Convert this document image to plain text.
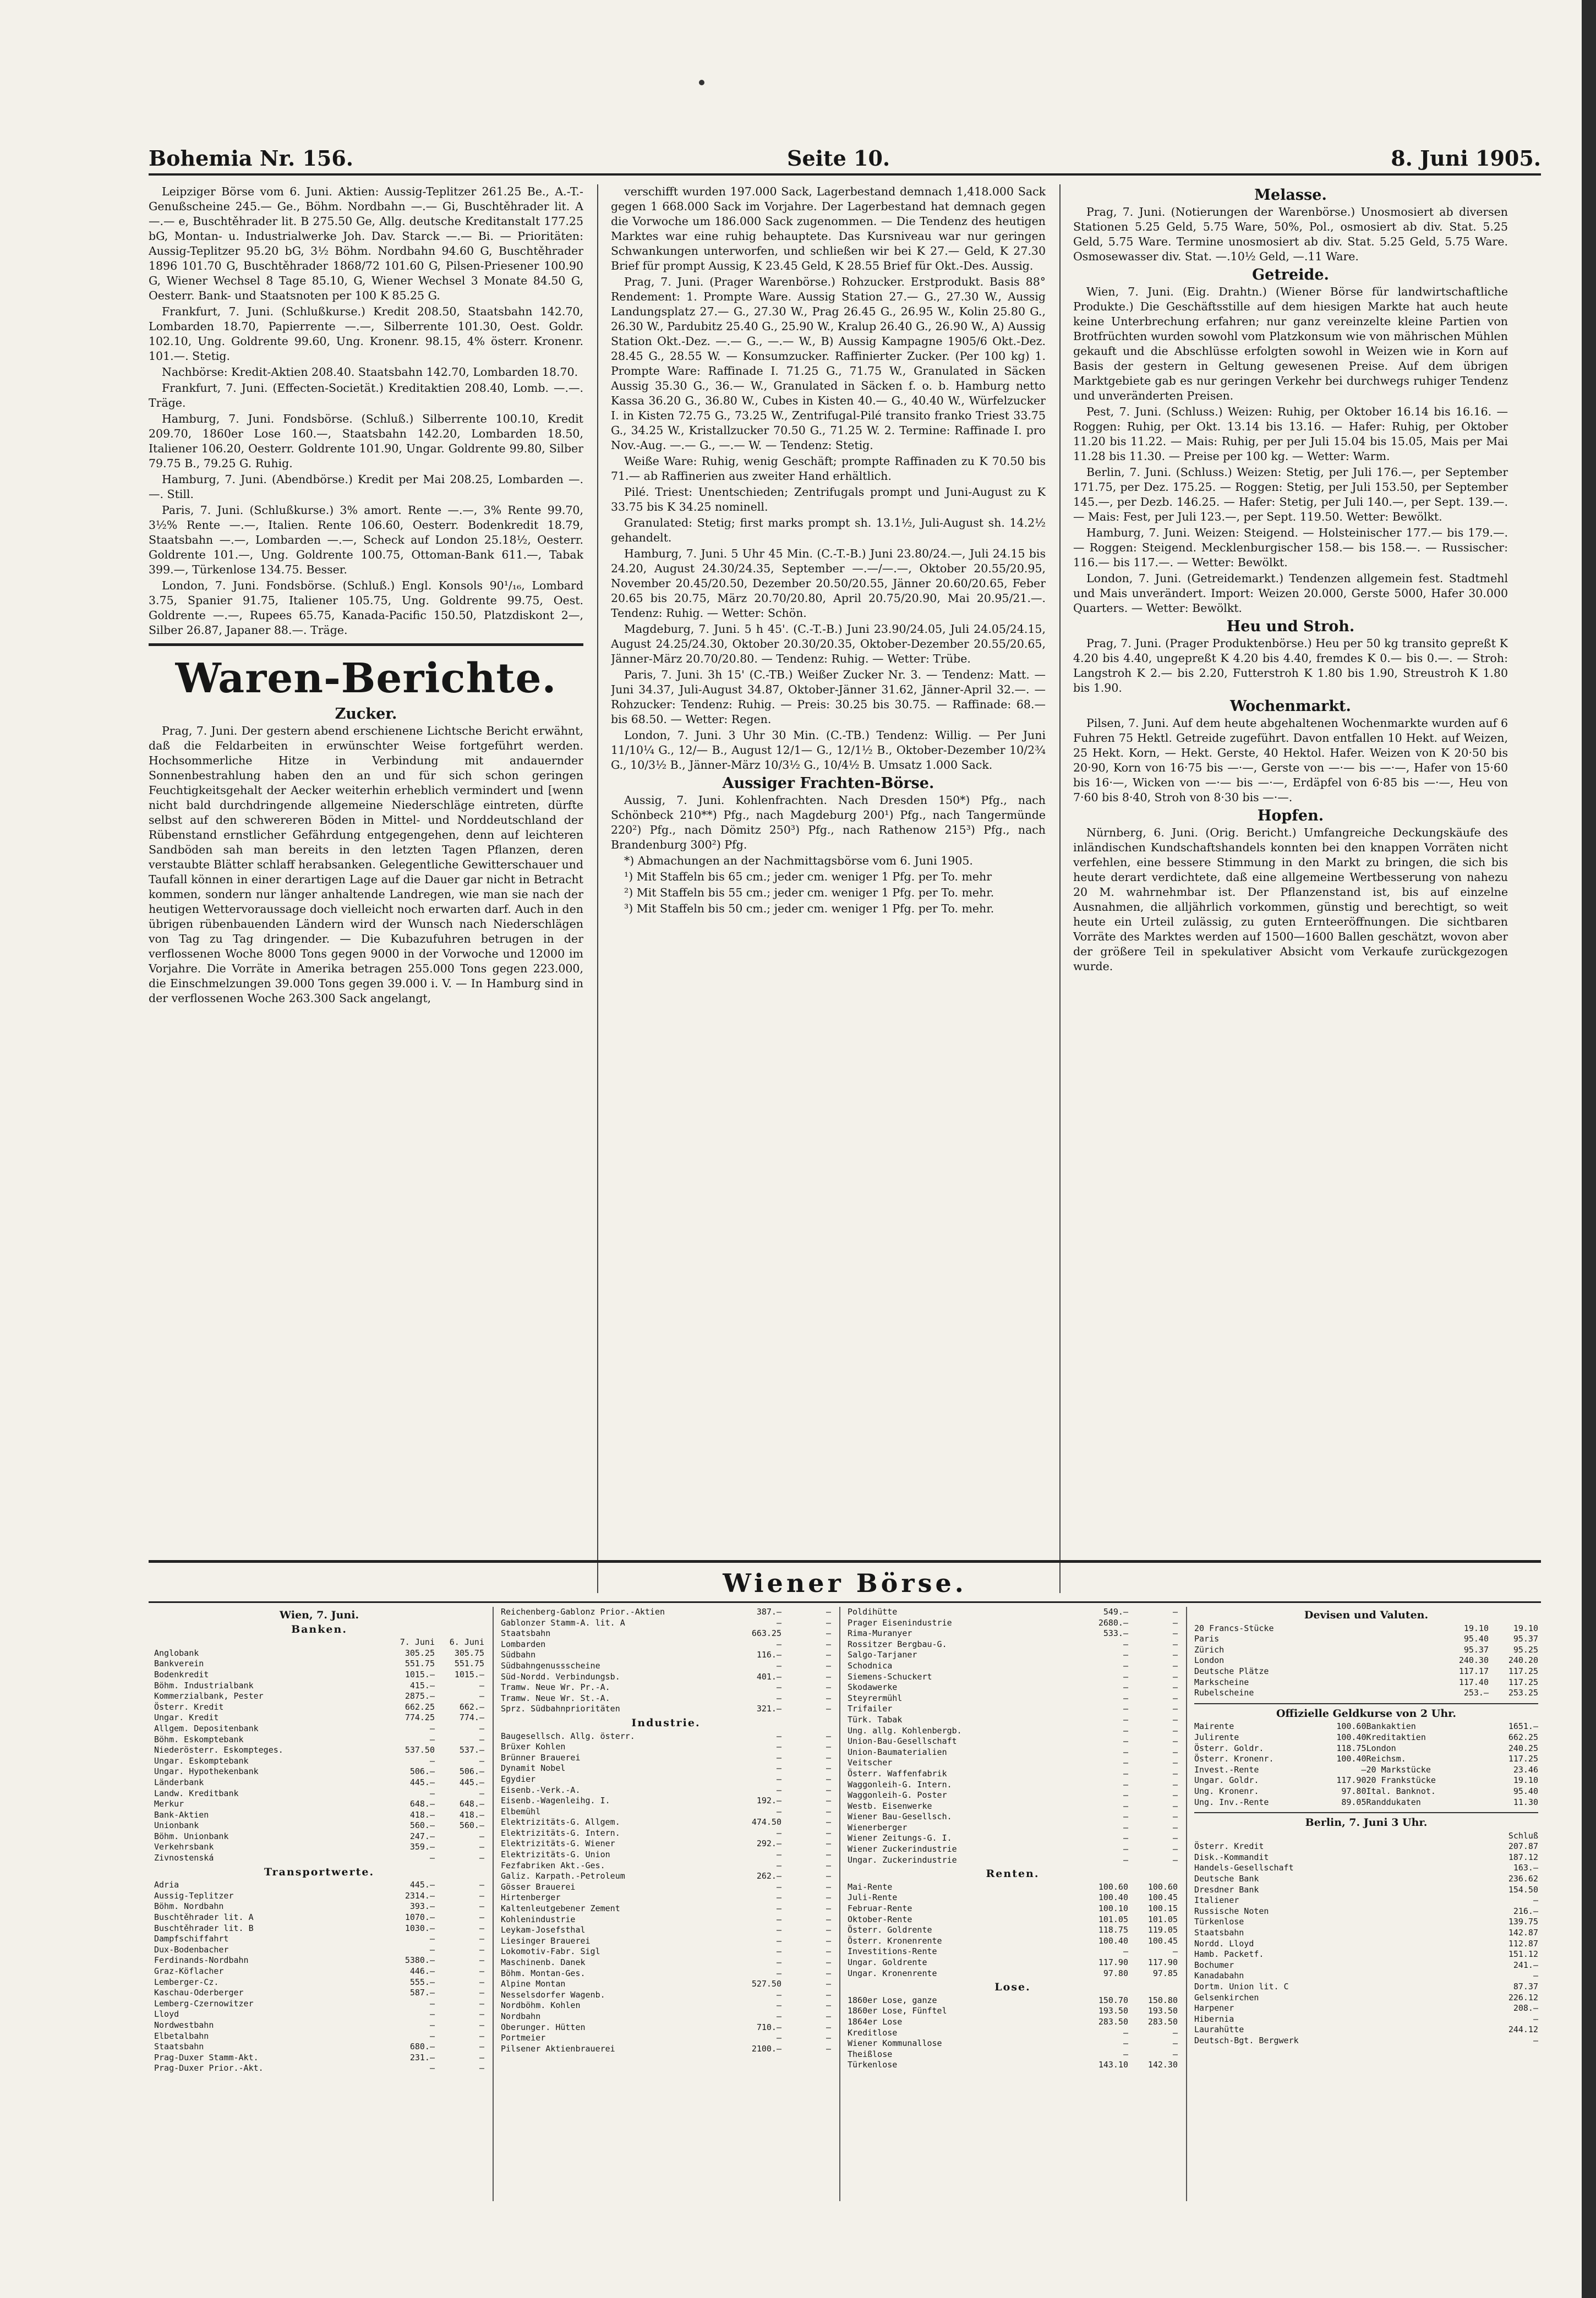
Bohemia Nr. 156.	Seite 10.	8. Juni 1905.

Leipziger Börse vom 6. Juni. Aktien: Aussig-Teplitzer 261.25 Be., A.-T.-Genußscheine 245.— Ge., Böhm. Nordbahn —.— Gi, Buschtěhrader lit. A —.— e, Buschtěhrader lit. B 275.50 Ge, Allg. deutsche Kreditanstalt 177.25 bG, Montan- u. Industrialwerke Joh. Dav. Starck —.— Bi. — Prioritäten: Aussig-Teplitzer 95.20 bG, 3½ Böhm. Nordbahn 94.60 G, Buschtěhrader 1896 101.70 G, Buschtěhrader 1868/72 101.60 G, Pilsen-Priesener 100.90 G, Wiener Wechsel 8 Tage 85.10, G, Wiener Wechsel 3 Monate 84.50 G, Oesterr. Bank- und Staatsnoten per 100 K 85.25 G.

Frankfurt, 7. Juni. (Schlußkurse.) Kredit 208.50, Staatsbahn 142.70, Lombarden 18.70, Papierrente —.—, Silberrente 101.30, Oest. Goldr. 102.10, Ung. Goldrente 99.60, Ung. Kronenr. 98.15, 4% österr. Kronenr. 101.—. Stetig.

Nachbörse: Kredit-Aktien 208.40. Staatsbahn 142.70, Lombarden 18.70.

Frankfurt, 7. Juni. (Effecten-Societät.) Kreditaktien 208.40, Lomb. —.—. Träge.

Hamburg, 7. Juni. Fondsbörse. (Schluß.) Silberrente 100.10, Kredit 209.70, 1860er Lose 160.—, Staatsbahn 142.20, Lombarden 18.50, Italiener 106.20, Oesterr. Goldrente 101.90, Ungar. Goldrente 99.80, Silber 79.75 B., 79.25 G. Ruhig.

Hamburg, 7. Juni. (Abendbörse.) Kredit per Mai 208.25, Lombarden —.—. Still.

Paris, 7. Juni. (Schlußkurse.) 3% amort. Rente —.—, 3% Rente 99.70, 3½% Rente —.—, Italien. Rente 106.60, Oesterr. Bodenkredit 18.79, Staatsbahn —.—, Lombarden —.—, Scheck auf London 25.18½, Oesterr. Goldrente 101.—, Ung. Goldrente 100.75, Ottoman-Bank 611.—, Tabak 399.—, Türkenlose 134.75. Besser.

London, 7. Juni. Fondsbörse. (Schluß.) Engl. Konsols 90¹/₁₆, Lombard 3.75, Spanier 91.75, Italiener 105.75, Ung. Goldrente 99.75, Oest. Goldrente —.—, Rupees 65.75, Kanada-Pacific 150.50, Platzdiskont 2—, Silber 26.87, Japaner 88.—. Träge.

Waren-Berichte.
Zucker.

Prag, 7. Juni. Der gestern abend erschienene Lichtsche Bericht erwähnt, daß die Feldarbeiten in erwünschter Weise fortgeführt werden. Hochsommerliche Hitze in Verbindung mit andauernder Sonnenbestrahlung haben den an und für sich schon geringen Feuchtigkeitsgehalt der Aecker weiterhin erheblich vermindert und [wenn nicht bald durchdringende allgemeine Niederschläge eintreten, dürfte selbst auf den schwereren Böden in Mittel- und Norddeutschland der Rübenstand ernstlicher Gefährdung entgegengehen, denn auf leichteren Sandböden sah man bereits in den letzten Tagen Pflanzen, deren verstaubte Blätter schlaff herabsanken. Gelegentliche Gewitterschauer und Taufall können in einer derartigen Lage auf die Dauer gar nicht in Betracht kommen, sondern nur länger anhaltende Landregen, wie man sie nach der heutigen Wettervoraussage doch vielleicht noch erwarten darf. Auch in den übrigen rübenbauenden Ländern wird der Wunsch nach Niederschlägen von Tag zu Tag dringender. — Die Kubazufuhren betrugen in der verflossenen Woche 8000 Tons gegen 9000 in der Vorwoche und 12000 im Vorjahre. Die Vorräte in Amerika betragen 255.000 Tons gegen 223.000, die Einschmelzungen 39.000 Tons gegen 39.000 i. V. — In Hamburg sind in der verflossenen Woche 263.300 Sack angelangt,

verschifft wurden 197.000 Sack, Lagerbestand demnach 1,418.000 Sack gegen 1 668.000 Sack im Vorjahre. Der Lagerbestand hat demnach gegen die Vorwoche um 186.000 Sack zugenommen. — Die Tendenz des heutigen Marktes war eine ruhig behauptete. Das Kursniveau war nur geringen Schwankungen unterworfen, und schließen wir bei K 27.— Geld, K 27.30 Brief für prompt Aussig, K 23.45 Geld, K 28.55 Brief für Okt.-Des. Aussig.

Prag, 7. Juni. (Prager Warenbörse.) Rohzucker. Erstprodukt. Basis 88° Rendement: 1. Prompte Ware. Aussig Station 27.— G., 27.30 W., Aussig Landungsplatz 27.— G., 27.30 W., Prag 26.45 G., 26.95 W., Kolin 25.80 G., 26.30 W., Pardubitz 25.40 G., 25.90 W., Kralup 26.40 G., 26.90 W., A) Aussig Station Okt.-Dez. —.— G., —.— W., B) Aussig Kampagne 1905/6 Okt.-Dez. 28.45 G., 28.55 W. — Konsumzucker. Raffinierter Zucker. (Per 100 kg) 1. Prompte Ware: Raffinade I. 71.25 G., 71.75 W., Granulated in Säcken Aussig 35.30 G., 36.— W., Granulated in Säcken f. o. b. Hamburg netto Kassa 36.20 G., 36.80 W., Cubes in Kisten 40.— G., 40.40 W., Würfelzucker I. in Kisten 72.75 G., 73.25 W., Zentrifugal-Pilé transito franko Triest 33.75 G., 34.25 W., Kristallzucker 70.50 G., 71.25 W. 2. Termine: Raffinade I. pro Nov.-Aug. —.— G., —.— W. — Tendenz: Stetig.

Weiße Ware: Ruhig, wenig Geschäft; prompte Raffinaden zu K 70.50 bis 71.— ab Raffinerien aus zweiter Hand erhältlich.

Pilé. Triest: Unentschieden; Zentrifugals prompt und Juni-August zu K 33.75 bis K 34.25 nominell.

Granulated: Stetig; first marks prompt sh. 13.1½, Juli-August sh. 14.2½ gehandelt.

Hamburg, 7. Juni. 5 Uhr 45 Min. (C.-T.-B.) Juni 23.80/24.—, Juli 24.15 bis 24.20, August 24.30/24.35, September —.—/—.—, Oktober 20.55/20.95, November 20.45/20.50, Dezember 20.50/20.55, Jänner 20.60/20.65, Feber 20.65 bis 20.75, März 20.70/20.80, April 20.75/20.90, Mai 20.95/21.—. Tendenz: Ruhig. — Wetter: Schön.

Magdeburg, 7. Juni. 5 h 45'. (C.-T.-B.) Juni 23.90/24.05, Juli 24.05/24.15, August 24.25/24.30, Oktober 20.30/20.35, Oktober-Dezember 20.55/20.65, Jänner-März 20.70/20.80. — Tendenz: Ruhig. — Wetter: Trübe.

Paris, 7. Juni. 3h 15' (C.-TB.) Weißer Zucker Nr. 3. — Tendenz: Matt. — Juni 34.37, Juli-August 34.87, Oktober-Jänner 31.62, Jänner-April 32.—. — Rohzucker: Tendenz: Ruhig. — Preis: 30.25 bis 30.75. — Raffinade: 68.— bis 68.50. — Wetter: Regen.

London, 7. Juni. 3 Uhr 30 Min. (C.-TB.) Tendenz: Willig. — Per Juni 11/10¼ G., 12/— B., August 12/1— G., 12/1½ B., Oktober-Dezember 10/2¾ G., 10/3½ B., Jänner-März 10/3½ G., 10/4½ B. Umsatz 1.000 Sack.

Aussiger Frachten-Börse.

Aussig, 7. Juni. Kohlenfrachten. Nach Dresden 150*) Pfg., nach Schönbeck 210**) Pfg., nach Magdeburg 200¹) Pfg., nach Tangermünde 220²) Pfg., nach Dömitz 250³) Pfg., nach Rathenow 215³) Pfg., nach Brandenburg 300²) Pfg.

*) Abmachungen an der Nachmittagsbörse vom 6. Juni 1905.

¹) Mit Staffeln bis 65 cm.; jeder cm. weniger 1 Pfg. per To. mehr

²) Mit Staffeln bis 55 cm.; jeder cm. weniger 1 Pfg. per To. mehr.

³) Mit Staffeln bis 50 cm.; jeder cm. weniger 1 Pfg. per To. mehr.

Melasse.

Prag, 7. Juni. (Notierungen der Warenbörse.) Unosmosiert ab diversen Stationen 5.25 Geld, 5.75 Ware, 50%, Pol., osmosiert ab div. Stat. 5.25 Geld, 5.75 Ware. Termine unosmosiert ab div. Stat. 5.25 Geld, 5.75 Ware. Osmosewasser div. Stat. —.10½ Geld, —.11 Ware.

Getreide.

Wien, 7. Juni. (Eig. Drahtn.) (Wiener Börse für landwirtschaftliche Produkte.) Die Geschäftsstille auf dem hiesigen Markte hat auch heute keine Unterbrechung erfahren; nur ganz vereinzelte kleine Partien von Brotfrüchten wurden sowohl vom Platzkonsum wie von mährischen Mühlen gekauft und die Abschlüsse erfolgten sowohl in Weizen wie in Korn auf Basis der gestern in Geltung gewesenen Preise. Auf dem übrigen Marktgebiete gab es nur geringen Verkehr bei durchwegs ruhiger Tendenz und unveränderten Preisen.

Pest, 7. Juni. (Schluss.) Weizen: Ruhig, per Oktober 16.14 bis 16.16. — Roggen: Ruhig, per Okt. 13.14 bis 13.16. — Hafer: Ruhig, per Oktober 11.20 bis 11.22. — Mais: Ruhig, per per Juli 15.04 bis 15.05, Mais per Mai 11.28 bis 11.30. — Preise per 100 kg. — Wetter: Warm.

Berlin, 7. Juni. (Schluss.) Weizen: Stetig, per Juli 176.—, per September 171.75, per Dez. 175.25. — Roggen: Stetig, per Juli 153.50, per September 145.—, per Dezb. 146.25. — Hafer: Stetig, per Juli 140.—, per Sept. 139.—. — Mais: Fest, per Juli 123.—, per Sept. 119.50. Wetter: Bewölkt.

Hamburg, 7. Juni. Weizen: Steigend. — Holsteinischer 177.— bis 179.—. — Roggen: Steigend. Mecklenburgischer 158.— bis 158.—. — Russischer: 116.— bis 117.—. — Wetter: Bewölkt.

London, 7. Juni. (Getreidemarkt.) Tendenzen allgemein fest. Stadtmehl und Mais unverändert. Import: Weizen 20.000, Gerste 5000, Hafer 30.000 Quarters. — Wetter: Bewölkt.

Heu und Stroh.

Prag, 7. Juni. (Prager Produktenbörse.) Heu per 50 kg transito gepreßt K 4.20 bis 4.40, ungepreßt K 4.20 bis 4.40, fremdes K 0.— bis 0.—. — Stroh: Langstroh K 2.— bis 2.20, Futterstroh K 1.80 bis 1.90, Streustroh K 1.80 bis 1.90.

Wochenmarkt.

Pilsen, 7. Juni. Auf dem heute abgehaltenen Wochenmarkte wurden auf 6 Fuhren 75 Hektl. Getreide zugeführt. Davon entfallen 10 Hekt. auf Weizen, 25 Hekt. Korn, — Hekt. Gerste, 40 Hektol. Hafer. Weizen von K 20·50 bis 20·90, Korn von 16·75 bis —·—, Gerste von —·— bis —·—, Hafer von 15·60 bis 16·—, Wicken von —·— bis —·—, Erdäpfel von 6·85 bis —·—, Heu von 7·60 bis 8·40, Stroh von 8·30 bis —·—.

Hopfen.

Nürnberg, 6. Juni. (Orig. Bericht.) Umfangreiche Deckungskäufe des inländischen Kundschaftshandels konnten bei den knappen Vorräten nicht verfehlen, eine bessere Stimmung in den Markt zu bringen, die sich bis heute derart verdichtete, daß eine allgemeine Wertbesserung von nahezu 20 M. wahrnehmbar ist. Der Pflanzenstand ist, bis auf einzelne Ausnahmen, die alljährlich vorkommen, günstig und berechtigt, so weit heute ein Urteil zulässig, zu guten Ernteeröffnungen. Die sichtbaren Vorräte des Marktes werden auf 1500—1600 Ballen geschätzt, wovon aber der größere Teil in spekulativer Absicht vom Verkaufe zurückgezogen wurde.

Wiener Börse.
Wien, 7. Juni.
Banken.
7. Juni	6. Juni
Anglobank	305.25	305.75
Bankverein	551.75	551.75
Bodenkredit	1015.—	1015.—
Böhm. Industrialbank	415.—	—
Kommerzialbank, Pester	2875.—	—
Österr. Kredit	662.25	662.—
Ungar. Kredit	774.25	774.—
Allgem. Depositenbank	—	—
Böhm. Eskomptebank	—	—
Niederösterr. Eskompteges.	537.50	537.—
Ungar. Eskomptebank	—	—
Ungar. Hypothekenbank	506.—	506.—
Länderbank	445.—	445.—
Landw. Kreditbank	—	—
Merkur	648.—	648.—
Bank-Aktien	418.—	418.—
Unionbank	560.—	560.—
Böhm. Unionbank	247.—	—
Verkehrsbank	359.—	—
Zivnostenská	—	—
Transportwerte.
Adria	445.—	—
Aussig-Teplitzer	2314.—	—
Böhm. Nordbahn	393.—	—
Buschtěhrader lit. A	1070.—	—
Buschtěhrader lit. B	1030.—	—
Dampfschiffahrt	—	—
Dux-Bodenbacher	—	—
Ferdinands-Nordbahn	5380.—	—
Graz-Köflacher	446.—	—
Lemberger-Cz.	555.—	—
Kaschau-Oderberger	587.—	—
Lemberg-Czernowitzer	—	—
Lloyd	—	—
Nordwestbahn	—	—
Elbetalbahn	—	—
Staatsbahn	680.—	—
Prag-Duxer Stamm-Akt.	231.—	—
Prag-Duxer Prior.-Akt.	—	—
Reichenberg-Gablonz Prior.-Aktien	387.—	—
Gablonzer Stamm-A. lit. A	—	—
Staatsbahn	663.25	—
Lombarden	—	—
Südbahn	116.—	—
Südbahngenussscheine	—	—
Süd-Nordd. Verbindungsb.	401.—	—
Tramw. Neue Wr. Pr.-A.	—	—
Tramw. Neue Wr. St.-A.	—	—
Sprz. Südbahnprioritäten	321.—	—
Industrie.
Baugesellsch. Allg. österr.	—	—
Brüxer Kohlen	—	—
Brünner Brauerei	—	—
Dynamit Nobel	—	—
Egydier	—	—
Eisenb.-Verk.-A.	—	—
Eisenb.-Wagenleihg. I.	192.—	—
Elbemühl	—	—
Elektrizitäts-G. Allgem.	474.50	—
Elektrizitäts-G. Intern.	—	—
Elektrizitäts-G. Wiener	292.—	—
Elektrizitäts-G. Union	—	—
Fezfabriken Akt.-Ges.	—	—
Galiz. Karpath.-Petroleum	262.—	—
Gösser Brauerei	—	—
Hirtenberger	—	—
Kaltenleutgebener Zement	—	—
Kohlenindustrie	—	—
Leykam-Josefsthal	—	—
Liesinger Brauerei	—	—
Lokomotiv-Fabr. Sigl	—	—
Maschinenb. Danek	—	—
Böhm. Montan-Ges.	—	—
Alpine Montan	527.50	—
Nesselsdorfer Wagenb.	—	—
Nordböhm. Kohlen	—	—
Nordbahn	—	—
Oberunger. Hütten	710.—	—
Portmeier	—	—
Pilsener Aktienbrauerei	2100.—	—
Poldihütte	549.—	—
Prager Eisenindustrie	2680.—	—
Rima-Muranyer	533.—	—
Rossitzer Bergbau-G.	—	—
Salgo-Tarjaner	—	—
Schodnica	—	—
Siemens-Schuckert	—	—
Skodawerke	—	—
Steyrermühl	—	—
Trifailer	—	—
Türk. Tabak	—	—
Ung. allg. Kohlenbergb.	—	—
Union-Bau-Gesellschaft	—	—
Union-Baumaterialien	—	—
Veitscher	—	—
Österr. Waffenfabrik	—	—
Waggonleih-G. Intern.	—	—
Waggonleih-G. Poster	—	—
Westb. Eisenwerke	—	—
Wiener Bau-Gesellsch.	—	—
Wienerberger	—	—
Wiener Zeitungs-G. I.	—	—
Wiener Zuckerindustrie	—	—
Ungar. Zuckerindustrie	—	—
Renten.
Mai-Rente	100.60	100.60
Juli-Rente	100.40	100.45
Februar-Rente	100.10	100.15
Oktober-Rente	101.05	101.05
Österr. Goldrente	118.75	119.05
Österr. Kronenrente	100.40	100.45
Investitions-Rente	—	—
Ungar. Goldrente	117.90	117.90
Ungar. Kronenrente	97.80	97.85
Lose.
1860er Lose, ganze	150.70	150.80
1860er Lose, Fünftel	193.50	193.50
1864er Lose	283.50	283.50
Kreditlose	—	—
Wiener Kommunallose	—	—
Theißlose	—	—
Türkenlose	143.10	142.30
Devisen und Valuten.
20 Francs-Stücke	19.10	19.10
Paris	95.40	95.37
Zürich	95.37	95.25
London	240.30	240.20
Deutsche Plätze	117.17	117.25
Markscheine	117.40	117.25
Rubelscheine	253.—	253.25
Offizielle Geldkurse von 2 Uhr.
Mairente	100.60 Bankaktien	1651.—
Julirente	100.40 Kreditaktien	662.25
Österr. Goldr.	118.75 London	240.25
Österr. Kronenr.	100.40 Reichsm.	117.25
Invest.-Rente	— 20 Markstücke	23.46
Ungar. Goldr.	117.90 20 Frankstücke	19.10
Ung. Kronenr.	97.80 Ital. Banknot.	95.40
Ung. Inv.-Rente	89.05 Randdukaten	11.30
Berlin, 7. Juni 3 Uhr.
Schluß
Österr. Kredit	207.87
Disk.-Kommandit	187.12
Handels-Gesellschaft	163.—
Deutsche Bank	236.62
Dresdner Bank	154.50
Italiener	—
Russische Noten	216.—
Türkenlose	139.75
Staatsbahn	142.87
Nordd. Lloyd	112.87
Hamb. Packetf.	151.12
Bochumer	241.—
Kanadabahn	—
Dortm. Union lit. C	87.37
Gelsenkirchen	226.12
Harpener	208.—
Hibernia	—
Laurahütte	244.12
Deutsch-Bgt. Bergwerk	—
